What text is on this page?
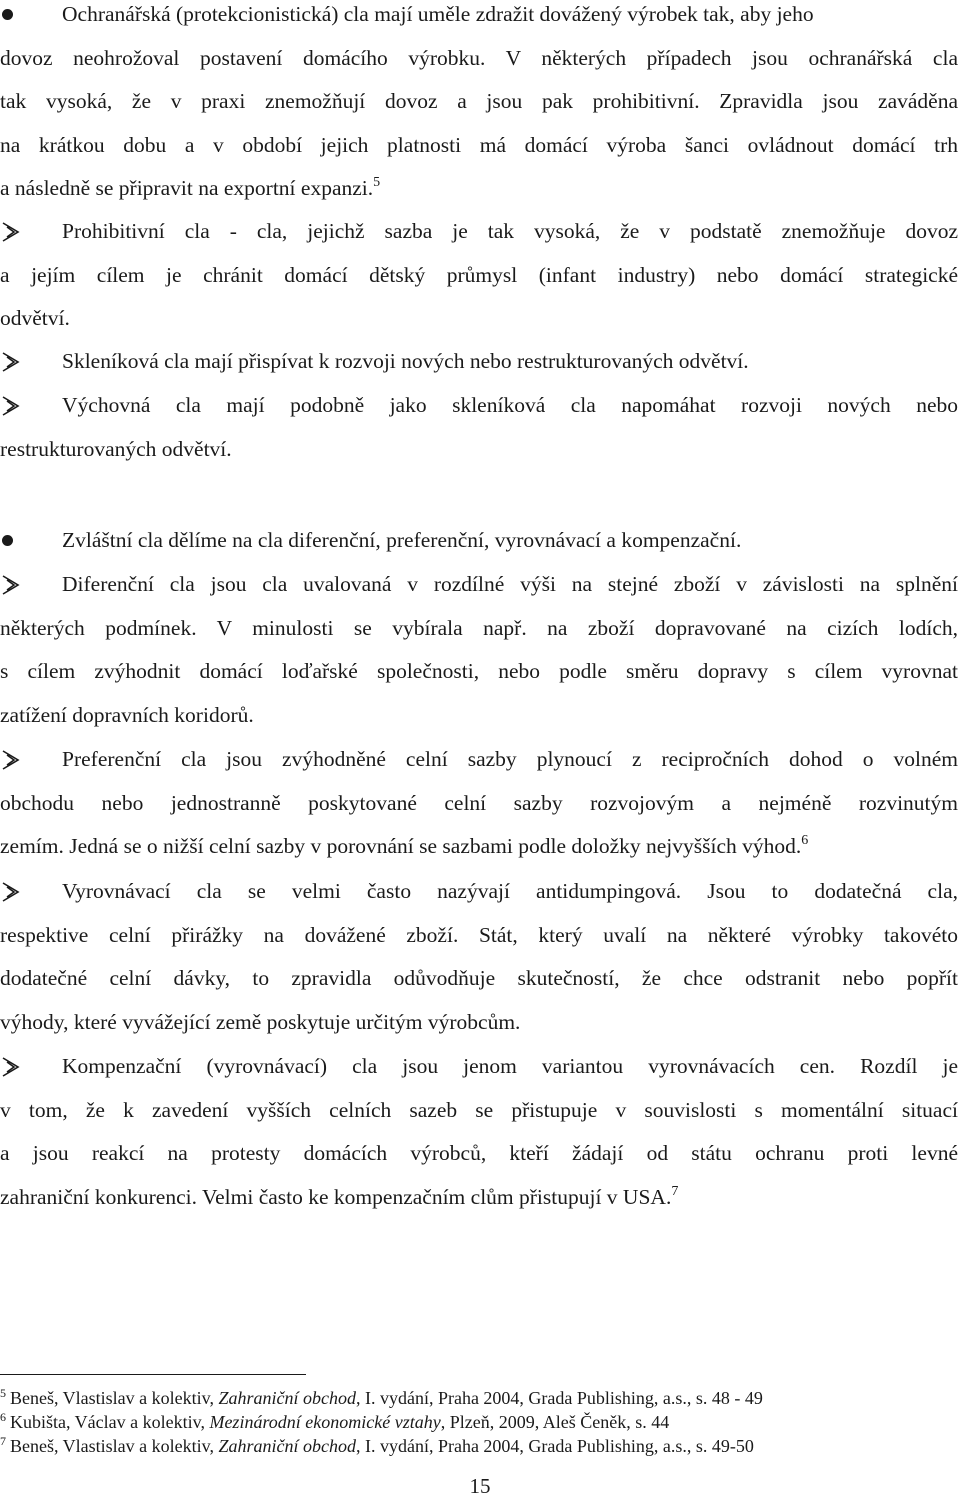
Ochranářská (protekcionistická) cla mají uměle zdražit dovážený výrobek tak, aby jeho
dovoz neohrožoval postavení domácího výrobku. V některých případech jsou ochranářská cla
tak vysoká, že v praxi znemožňují dovoz a jsou pak prohibitivní. Zpravidla jsou zaváděna
na krátkou dobu a v období jejich platnosti má domácí výroba šanci ovládnout domácí trh
a následně se připravit na exportní expanzi.$^5$
Prohibitivní cla - cla, jejichž sazba je tak vysoká, že v podstatě znemožňuje dovoz
a jejím cílem je chránit domácí dětský průmysl (infant industry) nebo domácí strategické
odvětví.
Skleníková cla mají přispívat k rozvoji nových nebo restrukturovaných odvětví.
Výchovná cla mají podobně jako skleníková cla napomáhat rozvoji nových nebo
restrukturovaných odvětví.
Zvláštní cla dělíme na cla diferenční, preferenční, vyrovnávací a kompenzační.
Diferenční cla jsou cla uvalovaná v rozdílné výši na stejné zboží v závislosti na splnění
některých podmínek. V minulosti se vybírala např. na zboží dopravované na cizích lodích,
s cílem zvýhodnit domácí loďařské společnosti, nebo podle směru dopravy s cílem vyrovnat
zatížení dopravních koridorů.
Preferenční cla jsou zvýhodněné celní sazby plynoucí z recipročních dohod o volném
obchodu nebo jednostranně poskytované celní sazby rozvojovým a nejméně rozvinutým
zemím. Jedná se o nižší celní sazby v porovnání se sazbami podle doložky nejvyšších výhod.$^6$
Vyrovnávací cla se velmi často nazývají antidumpingová. Jsou to dodatečná cla,
respektive celní přirážky na dovážené zboží. Stát, který uvalí na některé výrobky takovéto
dodatečné celní dávky, to zpravidla odůvodňuje skutečností, že chce odstranit nebo popřít
výhody, které vyvážející země poskytuje určitým výrobcům.
Kompenzační (vyrovnávací) cla jsou jenom variantou vyrovnávacích cen. Rozdíl je
v tom, že k zavedení vyšších celních sazeb se přistupuje v souvislosti s momentální situací
a jsou reakcí na protesty domácích výrobců, kteří žádají od státu ochranu proti levné
zahraniční konkurenci. Velmi často ke kompenzačním clům přistupují v USA.$^7$
$^5$ Beneš, Vlastislav a kolektiv, Zahraniční obchod, I. vydání, Praha 2004, Grada Publishing, a.s., s. 48 - 49
$^6$ Kubišta, Václav a kolektiv, Mezinárodní ekonomické vztahy, Plzeň, 2009, Aleš Čeněk, s. 44
$^7$ Beneš, Vlastislav a kolektiv, Zahraniční obchod, I. vydání, Praha 2004, Grada Publishing, a.s., s. 49-50
15
